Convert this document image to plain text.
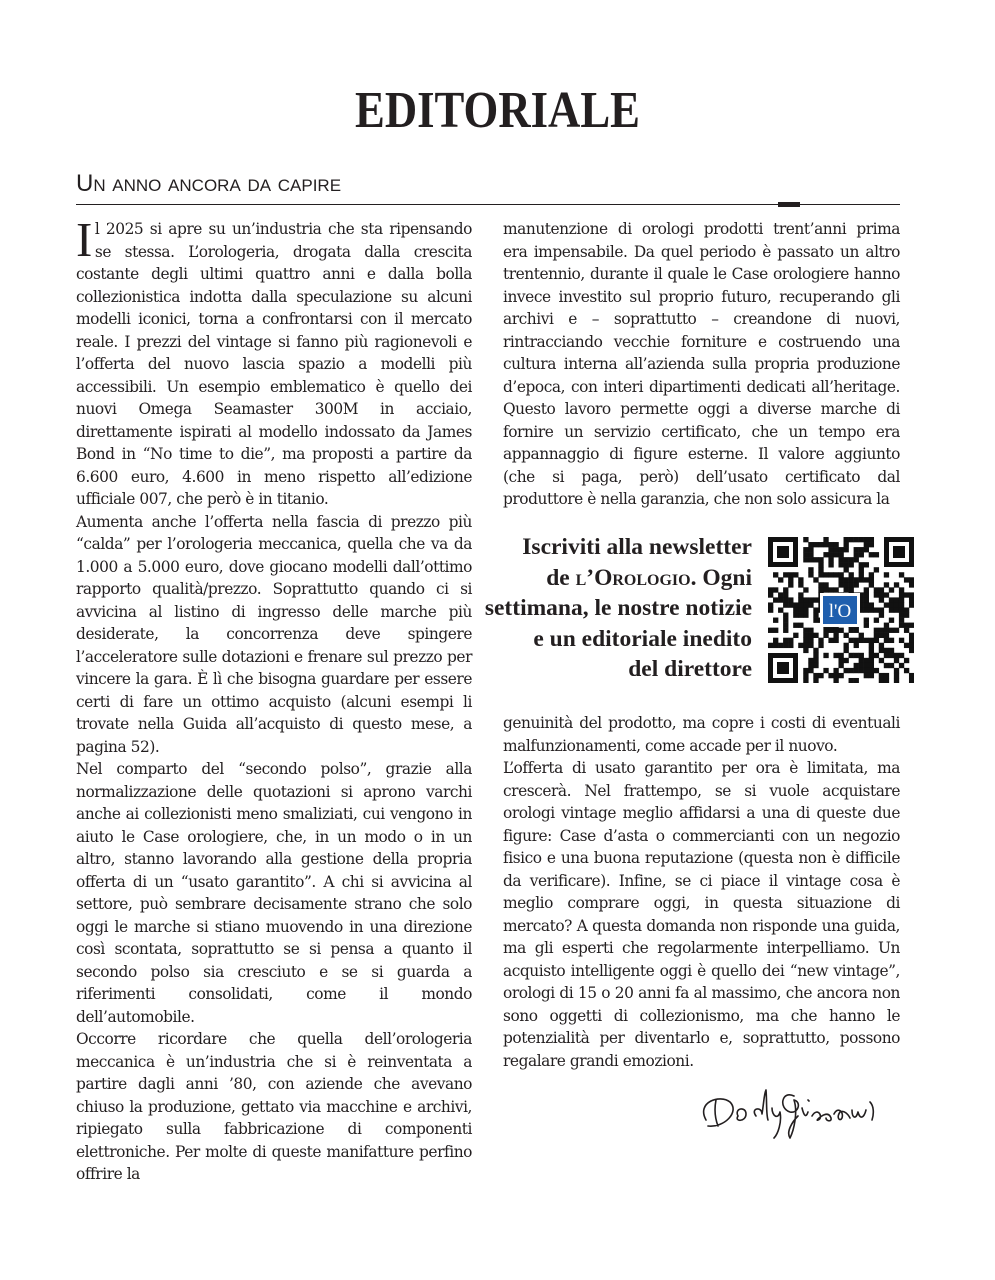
EDITORIALE
Un anno ancora da capire

Il 2025 si apre su un’industria che sta ripensando se stessa. L’orologeria, drogata dalla crescita costante degli ultimi quattro anni e dalla bolla collezionistica indotta dalla speculazione su alcuni modelli iconici, torna a confrontarsi con il mercato reale. I prezzi del vintage si fanno più ragionevoli e l’offerta del nuovo lascia spazio a modelli più accessibili. Un esempio emblematico è quello dei nuovi Omega Seamaster 300M in acciaio, direttamente ispirati al modello indossato da James Bond in “No time to die”, ma proposti a partire da 6.600 euro, 4.600 in meno rispetto all’edizione ufficiale 007, che però è in titanio.

Aumenta anche l’offerta nella fascia di prezzo più “calda” per l’orologeria meccanica, quella che va da 1.000 a 5.000 euro, dove giocano modelli dall’ottimo rapporto qualità/prezzo. Soprattutto quando ci si avvicina al listino di ingresso delle marche più desiderate, la concorrenza deve spingere l’acceleratore sulle dotazioni e frenare sul prezzo per vincere la gara. È lì che bisogna guardare per essere certi di fare un ottimo acquisto (alcuni esempi li trovate nella Guida all’acquisto di questo mese, a pagina 52).

Nel comparto del “secondo polso”, grazie alla normalizzazione delle quotazioni si aprono varchi anche ai collezionisti meno smaliziati, cui vengono in aiuto le Case orologiere, che, in un modo o in un altro, stanno lavorando alla gestione della propria offerta di un “usato garantito”. A chi si avvicina al settore, può sembrare decisamente strano che solo oggi le marche si stiano muovendo in una direzione così scontata, soprattutto se si pensa a quanto il secondo polso sia cresciuto e se si guarda a riferimenti consolidati, come il mondo dell’automobile.

Occorre ricordare che quella dell’orologeria meccanica è un’industria che si è reinventata a partire dagli anni ’80, con aziende che avevano chiuso la produzione, gettato via macchine e archivi, ripiegato sulla fabbricazione di componenti elettroniche. Per molte di queste manifatture perfino offrire la

manutenzione di orologi prodotti trent’anni prima era impensabile. Da quel periodo è passato un altro trentennio, durante il quale le Case orologiere hanno invece investito sul proprio futuro, recuperando gli archivi e – soprattutto – creandone di nuovi, rintracciando vecchie forniture e costruendo una cultura interna all’azienda sulla propria produzione d’epoca, con interi dipartimenti dedicati all’heritage. Questo lavoro permette oggi a diverse marche di fornire un servizio certificato, che un tempo era appannaggio di figure esterne. Il valore aggiunto (che si paga, però) dell’usato certificato dal produttore è nella garanzia, che non solo assicura la

Iscriviti alla newsletter
de l’Orologio. Ogni
settimana, le nostre notizie
e un editoriale inedito
del direttore

l'O

genuinità del prodotto, ma copre i costi di eventuali malfunzionamenti, come accade per il nuovo.

L’offerta di usato garantito per ora è limitata, ma crescerà. Nel frattempo, se si vuole acquistare orologi vintage meglio affidarsi a una di queste due figure: Case d’asta o commercianti con un negozio fisico e una buona reputazione (questa non è difficile da verificare). Infine, se ci piace il vintage cosa è meglio comprare oggi, in questa situazione di mercato? A questa domanda non risponde una guida, ma gli esperti che regolarmente interpelliamo. Un acquisto intelligente oggi è quello dei “new vintage”, orologi di 15 o 20 anni fa al massimo, che ancora non sono oggetti di collezionismo, ma che hanno le potenzialità per diventarlo e, soprattutto, possono regalare grandi emozioni.
